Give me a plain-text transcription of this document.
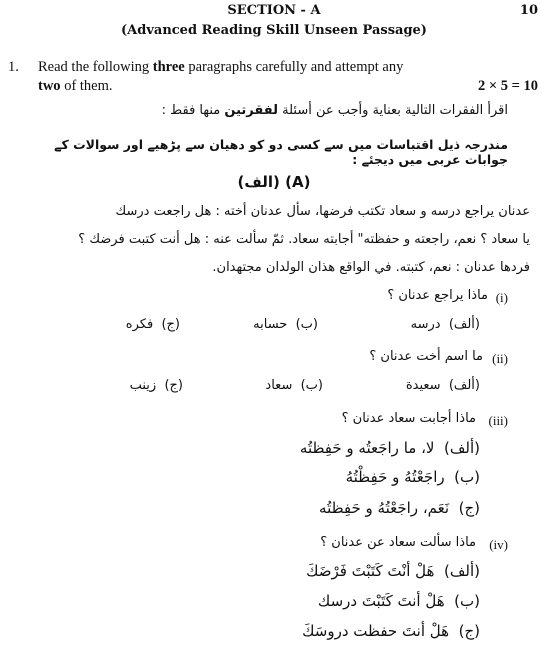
SECTION - A	10
(Advanced Reading Skill Unseen Passage)
1. Read the following three paragraphs carefully and attempt any
two of them.	2 × 5 = 10
اقرأ الفقرات التالية بعناية وأجب عن أسئلة لفقرتين منها فقط :
مندرجہ ذیل اقتباسات میں سے کسی دو کو دھیان سے پڑھیے اور سوالات کے جوابات عربی میں دیجئے :
(A) (الف)
عدنان يراجع درسه و سعاد تكتب فرضها، سأل عدنان أخته : هل راجعت درسك
يا سعاد ؟ نعم، راجعته و حفظته" أجابته سعاد. ثمّ سألت عنه : هل أنت كتبت فرضك ؟
فردها عدنان : نعم، كتبته. في الواقع هذان الولدان مجتهدان.
(i)
ماذا يراجع عدنان ؟
(ألف)  درسه
(ب)  حسابه
(ج)  فكره
(ii)
ما اسم أخت عدنان ؟
(ألف)  سعيدة
(ب)  سعاد
(ج)  زينب
(iii)
ماذا أجابت سعاد عدنان ؟
(ألف)  لا، ما راجَعتُه و حَفِظتُه
(ب)  راجَعْتُهُ و حَفِظْتُهُ
(ج)  نَعَم، راجَعْتُهُ و حَفِظتُه
(iv)
ماذا سألت سعاد عن عدنان ؟
(ألف)  هَلْ أنْتَ كَتَبْتَ فَرْضَكَ
(ب)  هَلْ أنتَ كَتَبْتَ درسك
(ج)  هَلْ أنتَ حفظت دروسَكَ
